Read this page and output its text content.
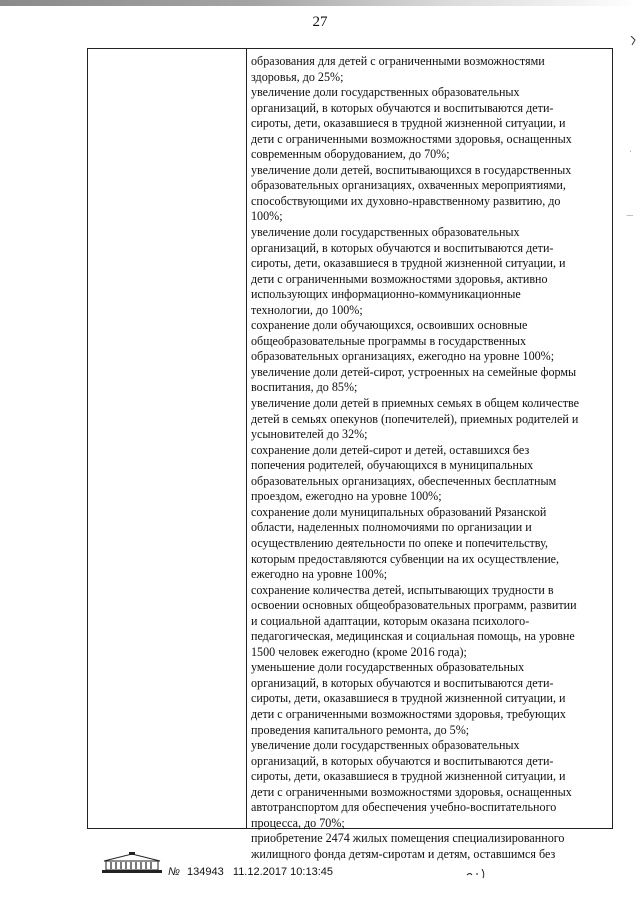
27
·
|
образования для детей с ограниченными возможностями
здоровья, до 25%;
увеличение доли государственных образовательных
организаций, в которых обучаются и воспитываются дети-
сироты, дети, оказавшиеся в трудной жизненной ситуации, и
дети с ограниченными возможностями здоровья, оснащенных
современным оборудованием, до 70%;
увеличение доли детей, воспитывающихся в государственных
образовательных организациях, охваченных мероприятиями,
способствующими их духовно-нравственному развитию, до
100%;
увеличение доли государственных образовательных
организаций, в которых обучаются и воспитываются дети-
сироты, дети, оказавшиеся в трудной жизненной ситуации, и
дети с ограниченными возможностями здоровья, активно
использующих информационно-коммуникационные
технологии, до 100%;
сохранение доли обучающихся, освоивших основные
общеобразовательные программы в государственных
образовательных организациях, ежегодно на уровне 100%;
увеличение доли детей-сирот, устроенных на семейные формы
воспитания, до 85%;
увеличение доли детей в приемных семьях в общем количестве
детей в семьях опекунов (попечителей), приемных родителей и
усыновителей до 32%;
сохранение доли детей-сирот и детей, оставшихся без
попечения родителей, обучающихся в муниципальных
образовательных организациях, обеспеченных бесплатным
проездом, ежегодно на уровне 100%;
сохранение доли муниципальных образований Рязанской
области, наделенных полномочиями по организации и
осуществлению деятельности по опеке и попечительству,
которым предоставляются субвенции на их осуществление,
ежегодно на уровне 100%;
сохранение количества детей, испытывающих трудности в
освоении основных общеобразовательных программ, развитии
и социальной адаптации, которым оказана психолого-
педагогическая, медицинская и социальная помощь, на уровне
1500 человек ежегодно (кроме 2016 года);
уменьшение доли государственных образовательных
организаций, в которых обучаются и воспитываются дети-
сироты, дети, оказавшиеся в трудной жизненной ситуации, и
дети с ограниченными возможностями здоровья, требующих
проведения капитального ремонта, до 5%;
увеличение доли государственных образовательных
организаций, в которых обучаются и воспитываются дети-
сироты, дети, оказавшиеся в трудной жизненной ситуации, и
дети с ограниченными возможностями здоровья, оснащенных
автотранспортом для обеспечения учебно-воспитательного
процесса, до 70%;
приобретение 2474 жилых помещения специализированного
жилищного фонда детям-сиротам и детям, оставшимся без
№ 134943 11.12.2017 10:13:45
